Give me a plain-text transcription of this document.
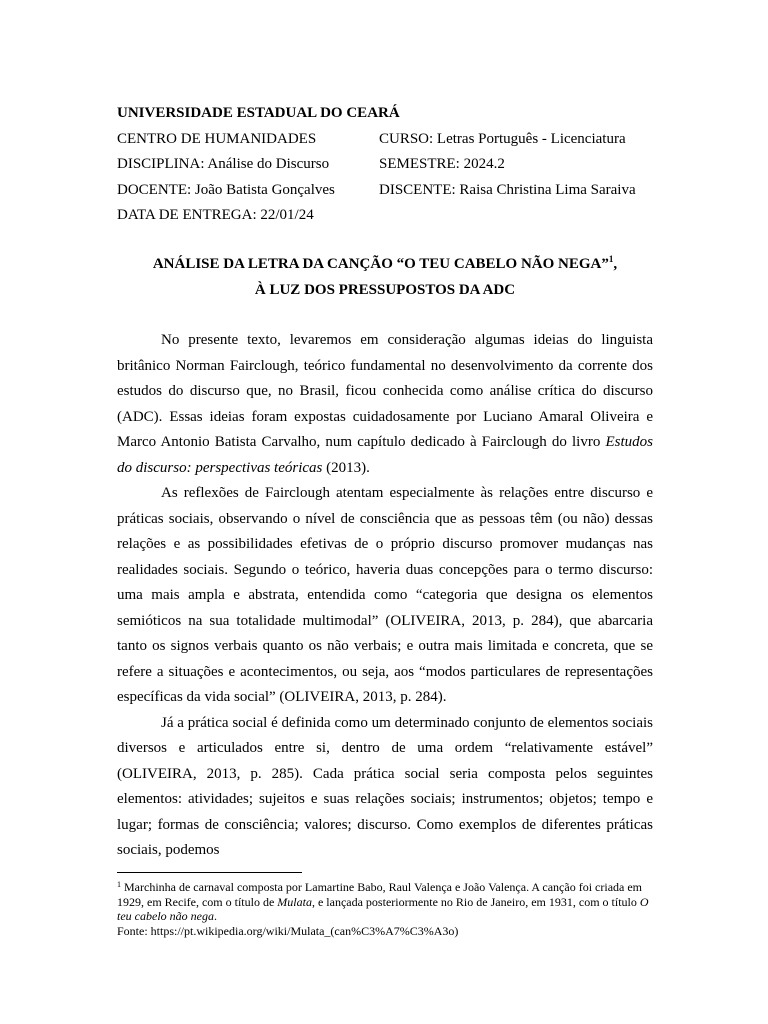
UNIVERSIDADE ESTADUAL DO CEARÁ
CENTRO DE HUMANIDADES	CURSO: Letras Português - Licenciatura
DISCIPLINA: Análise do Discurso	SEMESTRE: 2024.2
DOCENTE: João Batista Gonçalves	DISCENTE: Raisa Christina Lima Saraiva
DATA DE ENTREGA: 22/01/24
ANÁLISE DA LETRA DA CANÇÃO “O TEU CABELO NÃO NEGA”$^1$,
À LUZ DOS PRESSUPOSTOS DA ADC

No presente texto, levaremos em consideração algumas ideias do linguista britânico Norman Fairclough, teórico fundamental no desenvolvimento da corrente dos estudos do discurso que, no Brasil, ficou conhecida como análise crítica do discurso (ADC). Essas ideias foram expostas cuidadosamente por Luciano Amaral Oliveira e Marco Antonio Batista Carvalho, num capítulo dedicado à Fairclough do livro Estudos do discurso: perspectivas teóricas (2013).

As reflexões de Fairclough atentam especialmente às relações entre discurso e práticas sociais, observando o nível de consciência que as pessoas têm (ou não) dessas relações e as possibilidades efetivas de o próprio discurso promover mudanças nas realidades sociais. Segundo o teórico, haveria duas concepções para o termo discurso: uma mais ampla e abstrata, entendida como “categoria que designa os elementos semióticos na sua totalidade multimodal” (OLIVEIRA, 2013, p. 284), que abarcaria tanto os signos verbais quanto os não verbais; e outra mais limitada e concreta, que se refere a situações e acontecimentos, ou seja, aos “modos particulares de representações específicas da vida social” (OLIVEIRA, 2013, p. 284).

Já a prática social é definida como um determinado conjunto de elementos sociais diversos e articulados entre si, dentro de uma ordem “relativamente estável” (OLIVEIRA, 2013, p. 285). Cada prática social seria composta pelos seguintes elementos: atividades; sujeitos e suas relações sociais; instrumentos; objetos; tempo e lugar; formas de consciência; valores; discurso. Como exemplos de diferentes práticas sociais, podemos

$^1$ Marchinha de carnaval composta por Lamartine Babo, Raul Valença e João Valença. A canção foi criada em 1929, em Recife, com o título de Mulata, e lançada posteriormente no Rio de Janeiro, em 1931, com o título O teu cabelo não nega.
Fonte: https://pt.wikipedia.org/wiki/Mulata_(can%C3%A7%C3%A3o)
